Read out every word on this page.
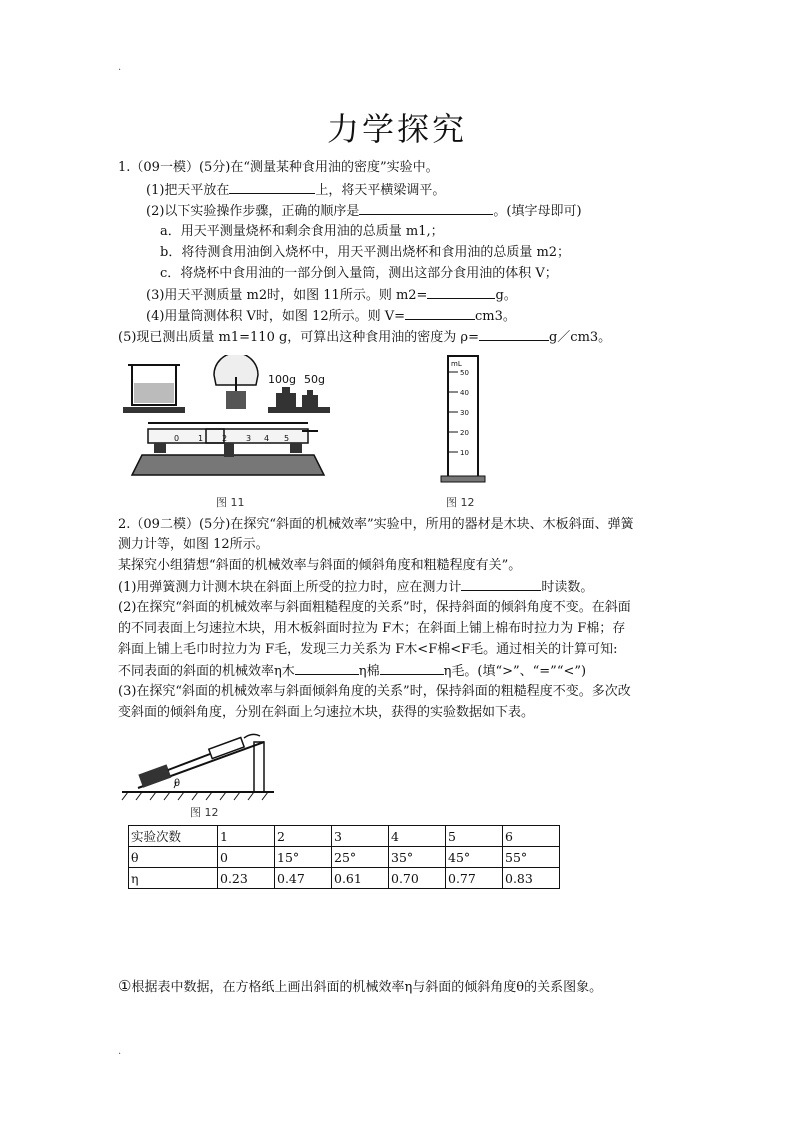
.
力学探究
1.（09一模）(5分)在“测量某种食用油的密度”实验中。
(1)把天平放在	上，将天平横梁调平。
(2)以下实验操作步骤，正确的顺序是	。(填字母即可)
a．用天平测量烧杯和剩余食用油的总质量 m1,；
b．将待测食用油倒入烧杯中，用天平测出烧杯和食用油的总质量 m2；
c．将烧杯中食用油的一部分倒入量筒，测出这部分食用油的体积 V；
(3)用天平测质量 m2时，如图 11所示。则 m2=	g。
(4)用量筒测体积 V时，如图 12所示。则 V=	cm3。
(5)现已测出质量 m1=110 g，可算出这种食用油的密度为 ρ=	g／cm3。
100g 50g
0 1 2 3 4 5
mL
50
40
30
20
10
图 11	图 12
2.（09二模）(5分)在探究“斜面的机械效率”实验中，所用的器材是木块、木板斜面、弹簧
测力计等，如图 12所示。
某探究小组猜想“斜面的机械效率与斜面的倾斜角度和粗糙程度有关”。
(1)用弹簧测力计测木块在斜面上所受的拉力时，应在测力计	时读数。
(2)在探究“斜面的机械效率与斜面粗糙程度的关系”时，保持斜面的倾斜角度不变。在斜面
的不同表面上匀速拉木块，用木板斜面时拉为 F木；在斜面上铺上棉布时拉力为 F棉；存
斜面上铺上毛巾时拉力为 F毛，发现三力关系为 F木<F棉<F毛。通过相关的计算可知:
不同表面的斜面的机械效率η木	η棉	η毛。(填“>”、“=”“<”)
(3)在探究“斜面的机械效率与斜面倾斜角度的关系”时，保持斜面的粗糙程度不变。多次改
变斜面的倾斜角度，分别在斜面上匀速拉木块，获得的实验数据如下表。
θ
图 12
实验次数	1	2	3	4	5	6
θ	0	15°	25°	35°	45°	55°
η	0.23	0.47	0.61	0.70	0.77	0.83
①根据表中数据，在方格纸上画出斜面的机械效率η与斜面的倾斜角度θ的关系图象。
.
